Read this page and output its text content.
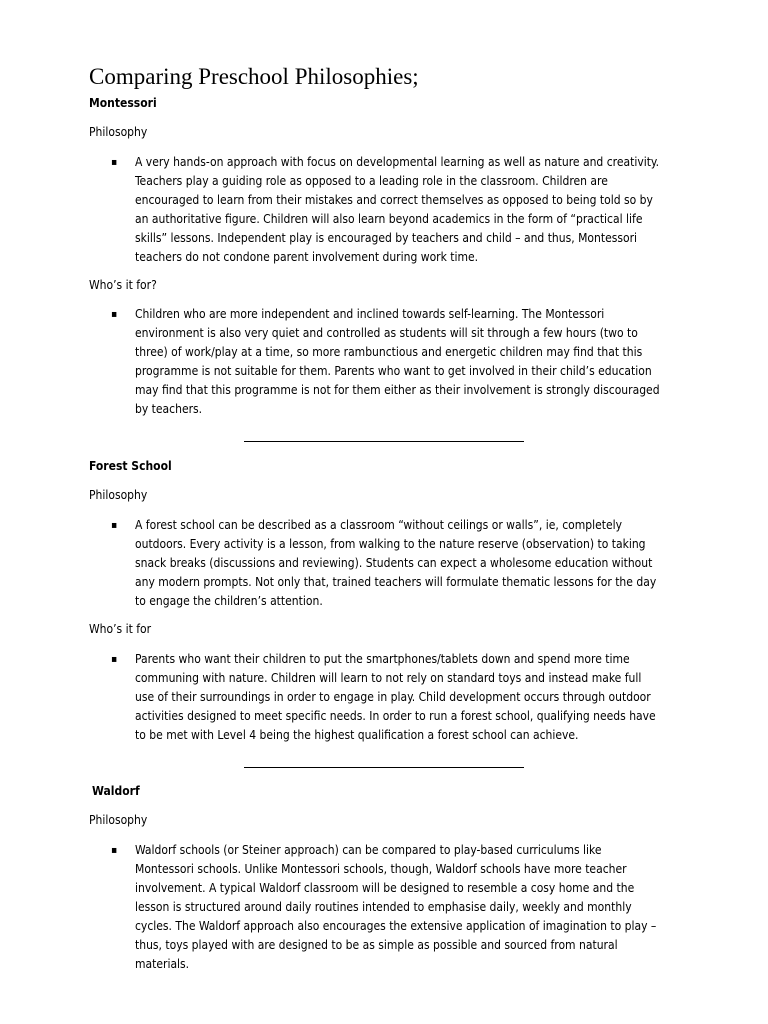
Comparing Preschool Philosophies;
Montessori
Philosophy
▪ A very hands-on approach with focus on developmental learning as well as nature and creativity.
Teachers play a guiding role as opposed to a leading role in the classroom. Children are
encouraged to learn from their mistakes and correct themselves as opposed to being told so by
an authoritative figure. Children will also learn beyond academics in the form of “practical life
skills” lessons. Independent play is encouraged by teachers and child – and thus, Montessori
teachers do not condone parent involvement during work time.
Who’s it for?
▪ Children who are more independent and inclined towards self-learning. The Montessori
environment is also very quiet and controlled as students will sit through a few hours (two to
three) of work/play at a time, so more rambunctious and energetic children may find that this
programme is not suitable for them. Parents who want to get involved in their child’s education
may find that this programme is not for them either as their involvement is strongly discouraged
by teachers.
Forest School
Philosophy
▪ A forest school can be described as a classroom “without ceilings or walls”, ie, completely
outdoors. Every activity is a lesson, from walking to the nature reserve (observation) to taking
snack breaks (discussions and reviewing). Students can expect a wholesome education without
any modern prompts. Not only that, trained teachers will formulate thematic lessons for the day
to engage the children’s attention.
Who’s it for
▪ Parents who want their children to put the smartphones/tablets down and spend more time
communing with nature. Children will learn to not rely on standard toys and instead make full
use of their surroundings in order to engage in play. Child development occurs through outdoor
activities designed to meet specific needs. In order to run a forest school, qualifying needs have
to be met with Level 4 being the highest qualification a forest school can achieve.
Waldorf
Philosophy
▪ Waldorf schools (or Steiner approach) can be compared to play-based curriculums like
Montessori schools. Unlike Montessori schools, though, Waldorf schools have more teacher
involvement. A typical Waldorf classroom will be designed to resemble a cosy home and the
lesson is structured around daily routines intended to emphasise daily, weekly and monthly
cycles. The Waldorf approach also encourages the extensive application of imagination to play –
thus, toys played with are designed to be as simple as possible and sourced from natural
materials.
